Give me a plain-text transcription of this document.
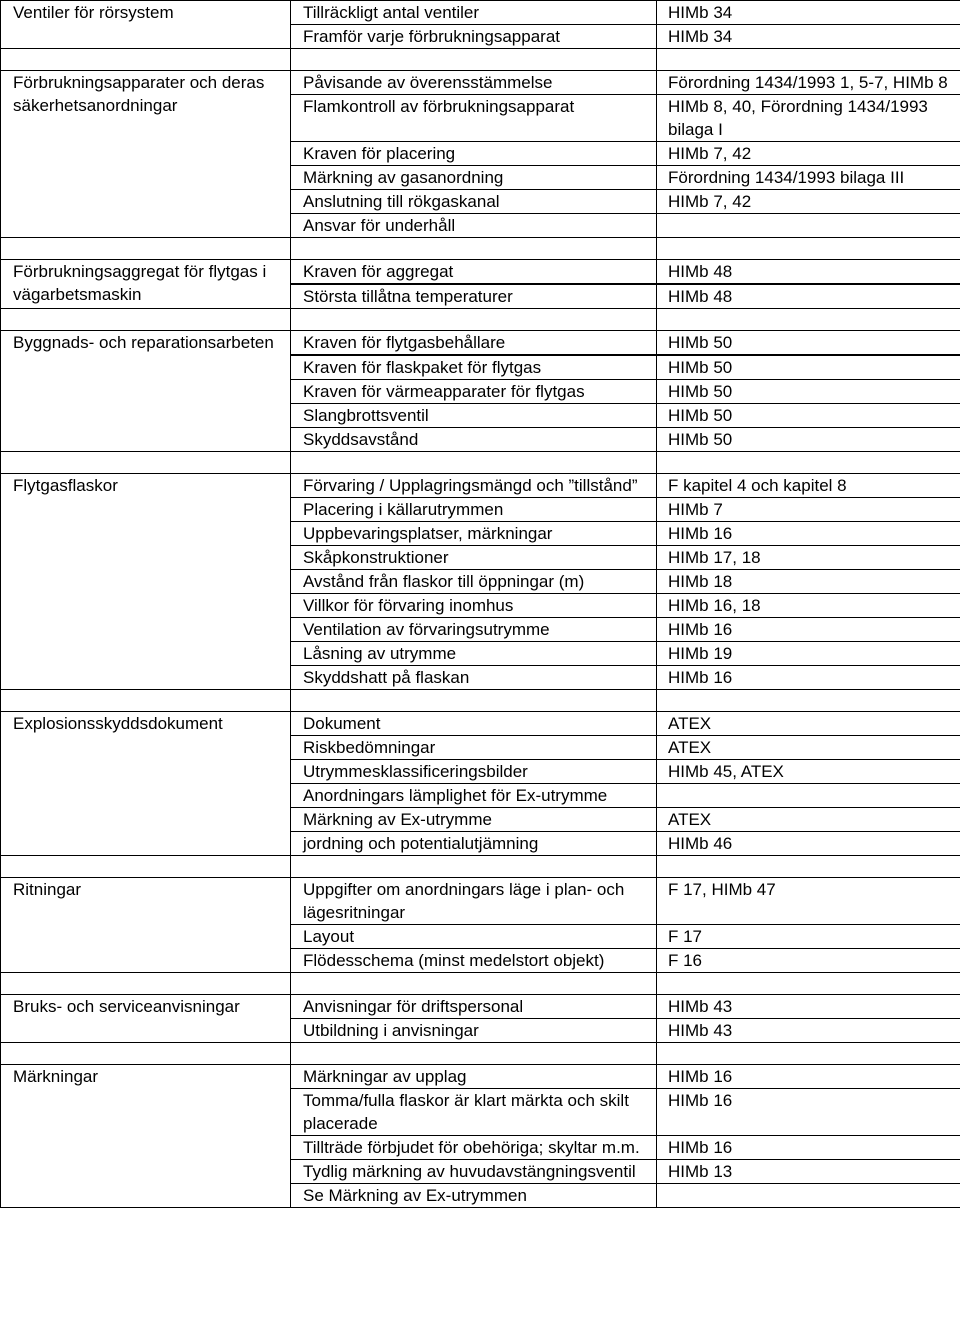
Ventiler för rörsystem	Tillräckligt antal ventiler	HIMb 34
	Framför varje förbrukningsapparat	HIMb 34

Förbrukningsapparater och deras säkerhetsanordningar	Påvisande av överensstämmelse	Förordning 1434/1993 1, 5-7, HIMb 8
	Flamkontroll av förbrukningsapparat	HIMb 8, 40, Förordning 1434/1993 bilaga I
	Kraven för placering	HIMb 7, 42
	Märkning av gasanordning	Förordning 1434/1993 bilaga III
	Anslutning till rökgaskanal	HIMb 7, 42
	Ansvar för underhåll	

Förbrukningsaggregat för flytgas i vägarbetsmaskin	Kraven för aggregat	HIMb 48

	Största tillåtna temperaturer	HIMb 48

Byggnads- och reparationsarbeten	Kraven för flytgasbehållare	HIMb 50

	Kraven för flaskpaket för flytgas	HIMb 50
	Kraven för värmeapparater för flytgas	HIMb 50
	Slangbrottsventil	HIMb 50
	Skyddsavstånd	HIMb 50

Flytgasflaskor	Förvaring / Upplagringsmängd och ”tillstånd”	F kapitel 4 och kapitel 8
	Placering i källarutrymmen	HIMb 7
	Uppbevaringsplatser, märkningar	HIMb 16
	Skåpkonstruktioner	HIMb 17, 18
	Avstånd från flaskor till öppningar (m)	HIMb 18
	Villkor för förvaring inomhus	HIMb 16, 18
	Ventilation av förvaringsutrymme	HIMb 16
	Låsning av utrymme	HIMb 19
	Skyddshatt på flaskan	HIMb 16

Explosionsskyddsdokument	Dokument	ATEX
	Riskbedömningar	ATEX
	Utrymmesklassificeringsbilder	HIMb 45, ATEX
	Anordningars lämplighet för Ex-utrymme	
	Märkning av Ex-utrymme	ATEX
	jordning och potentialutjämning	HIMb 46

Ritningar	Uppgifter om anordningars läge i plan- och lägesritningar	F 17, HIMb 47
	Layout	F 17
	Flödesschema (minst medelstort objekt)	F 16

Bruks- och serviceanvisningar	Anvisningar för driftspersonal	HIMb 43
	Utbildning i anvisningar	HIMb 43

Märkningar	Märkningar av upplag	HIMb 16
	Tomma/fulla flaskor är klart märkta och skilt placerade	HIMb 16
	Tillträde förbjudet för obehöriga; skyltar m.m.	HIMb 16
	Tydlig märkning av huvudavstängningsventil	HIMb 13
	Se Märkning av Ex-utrymmen	
